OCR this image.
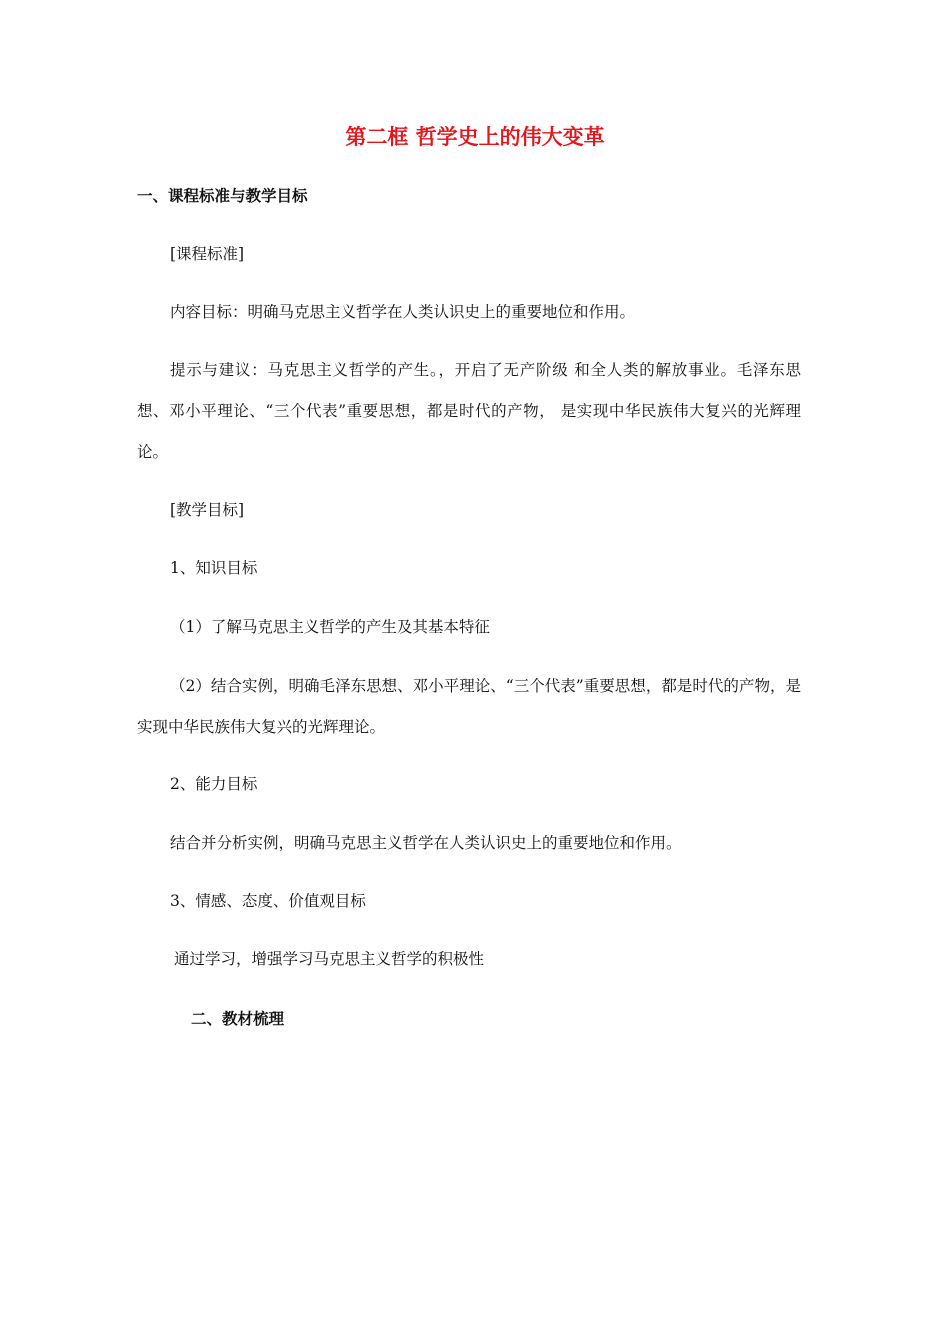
第二框 哲学史上的伟大变革
一、课程标准与教学目标
[课程标准]
内容目标：明确马克思主义哲学在人类认识史上的重要地位和作用。
提示与建议：马克思主义哲学的产生。，开启了无产阶级 和全人类的解放事业。毛泽东思想、邓小平理论、“三个代表”重要思想，都是时代的产物， 是实现中华民族伟大复兴的光辉理论。
[教学目标]
1、知识目标
（1）了解马克思主义哲学的产生及其基本特征
（2）结合实例，明确毛泽东思想、邓小平理论、“三个代表”重要思想，都是时代的产物，是实现中华民族伟大复兴的光辉理论。
2、能力目标
结合并分析实例，明确马克思主义哲学在人类认识史上的重要地位和作用。
3、情感、态度、价值观目标
通过学习，增强学习马克思主义哲学的积极性
二、教材梳理
